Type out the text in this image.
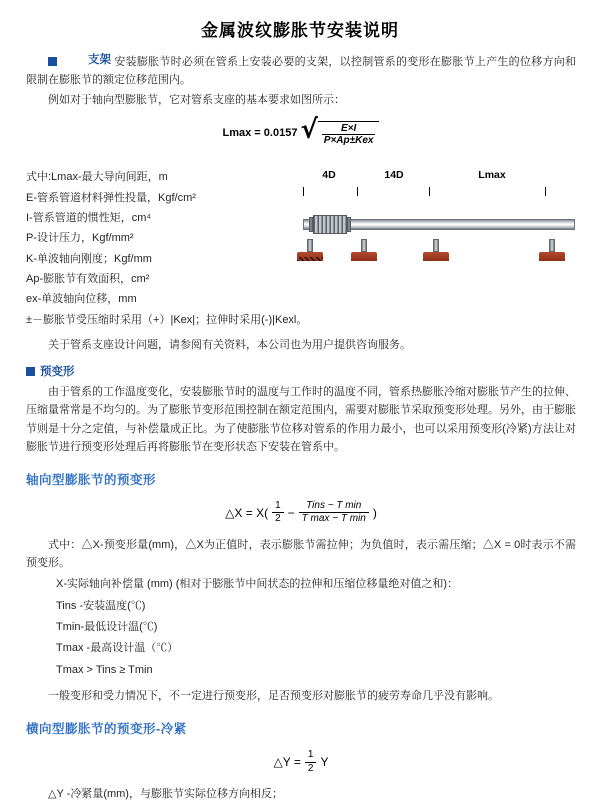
金属波纹膨胀节安装说明
支架 安装膨胀节时必须在管系上安装必要的支架，以控制管系的变形在膨胀节上产生的位移方向和限制在膨胀节的额定位移范围内。

例如对于轴向型膨胀节，它对管系支座的基本要求如图所示：

Lmax = 0.0157 √ $\frac{E\times I}{\text{P×Ap±Kex}}$
式中:Lmax-最大导向间距，m
E-管系管道材料弹性投量，Kgf/cm²
I-管系管道的惯性矩，cm⁴
P-设计压力，Kgf/mm²
K-单波轴向刚度；Kgf/mm
Ap-膨胀节有效面积，cm²
ex-单波轴向位移，mm
±－膨胀节受压缩时采用（+）|Kex|；拉伸时采用(-)|Kexl。
4D	14D	Lmax

关于管系支座设计问题，请参阅有关资料，本公司也为用户提供咨询服务。

预变形

由于管系的工作温度变化，安装膨胀节时的温度与工作时的温度不同，管系热膨胀冷缩对膨胀节产生的拉伸、压缩量常常是不均匀的。为了膨胀节变形范围控制在额定范围内，需要对膨胀节采取预变形处理。另外，由于膨胀节则是十分之定值，与补偿量成正比。为了使膨胀节位移对管系的作用力最小，也可以采用预变形(冷紧)方法让对膨胀节进行预变形处理后再将膨胀节在变形状态下安装在管系中。

轴向型膨胀节的预变形
△X = $X( \frac{1}{2}$ −
Tins − T min
T max − T min )

式中：△X-预变形量(mm)，△X为正值时，表示膨胀节需拉伸；为负值时，表示需压缩；△X = 0时表示不需预变形。

X-实际轴向补偿量 (mm) (相对于膨胀节中间状态的拉伸和压缩位移量绝对值之和)：
Tins -安装温度(℃)
Tmin-最低设计温(℃)
Tmax -最高设计温（℃）
Tmax > Tins ≥ Tmin

一般变形和受力情况下，不一定进行预变形，足否预变形对膨胀节的疲劳寿命几乎没有影响。

横向型膨胀节的预变形-冷紧
△Y = $\frac{1}{2}$ Y

△Y -冷紧量(mm)，与膨胀节实际位移方向相反；
